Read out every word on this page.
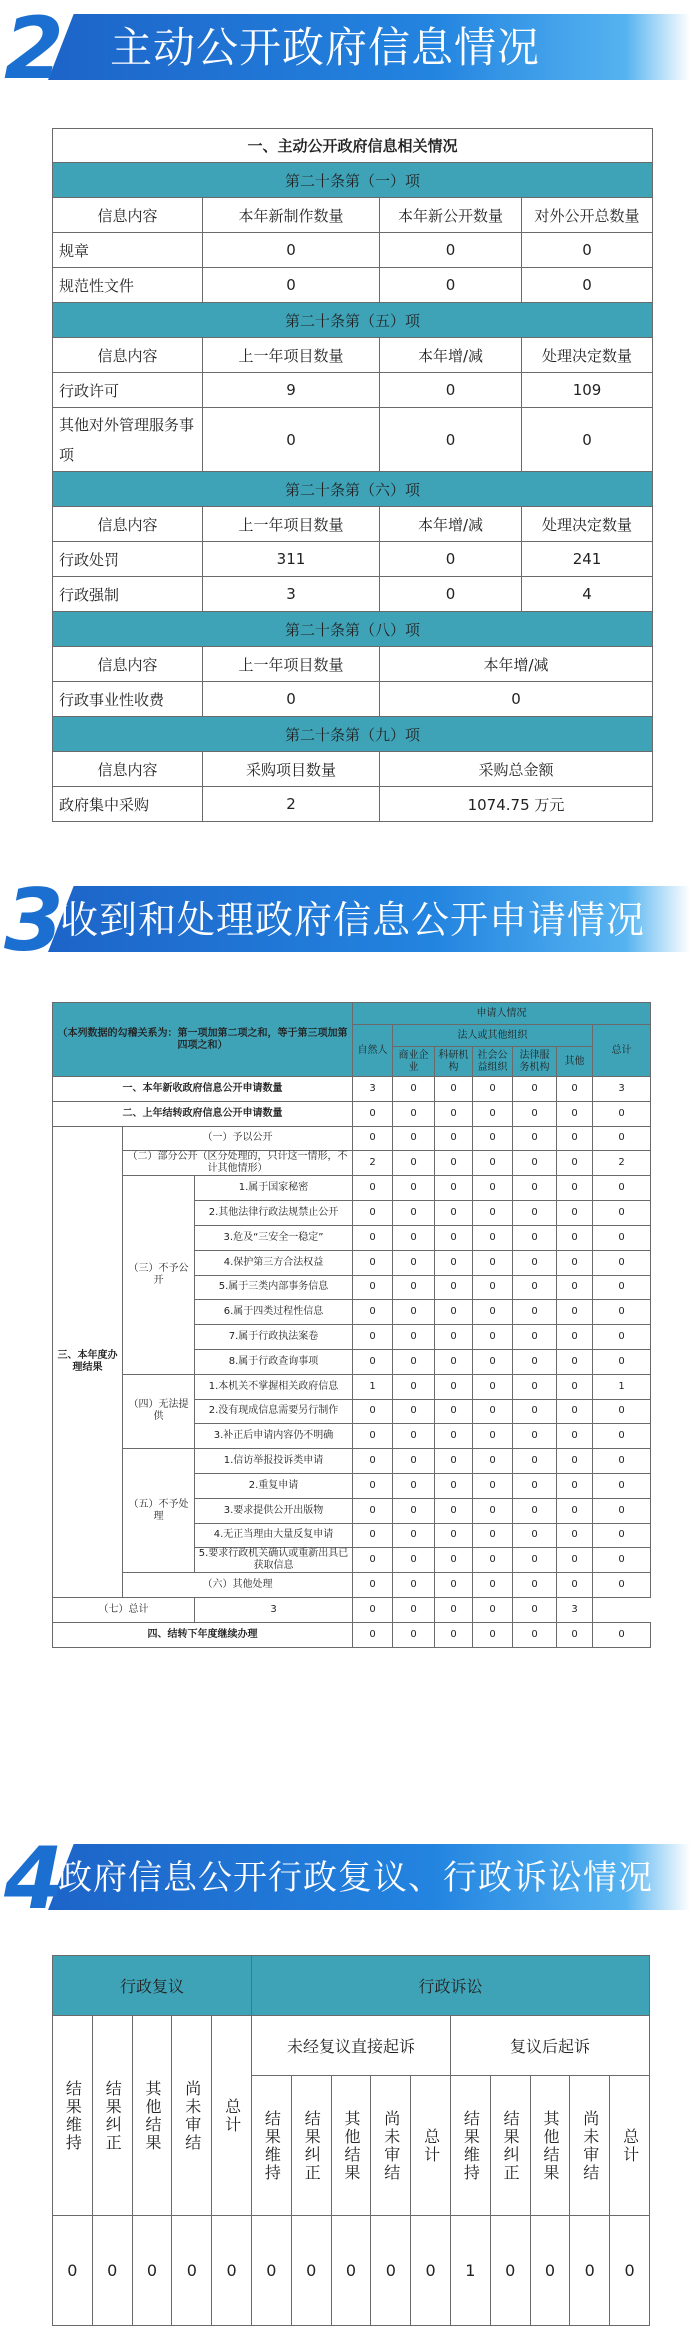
2 主动公开政府信息情况
一、主动公开政府信息相关情况			
第二十条第（一）项			
信息内容	本年新制作数量	本年新公开数量	对外公开总数量
规章	0	0	0
规范性文件	0	0	0
第二十条第（五）项			
信息内容	上一年项目数量	本年增/减	处理决定数量
行政许可	9	0	109
其他对外管理服务事项	0	0	0
第二十条第（六）项			
信息内容	上一年项目数量	本年增/减	处理决定数量
行政处罚	311	0	241
行政强制	3	0	4
第二十条第（八）项			
信息内容	上一年项目数量	本年增/减	
行政事业性收费	0	0	
第二十条第（九）项			
信息内容	采购项目数量	采购总金额	
政府集中采购	2	1074.75 万元	
3
收到和处理政府信息公开申请情况
（本列数据的勾稽关系为：第一项加第二项之和，等于第三项加第四项之和）			申请人情况						
			自然人	法人或其他组织					总计
				商业企业	科研机构	社会公益组织	法律服务机构	其他	
一、本年新收政府信息公开申请数量			3	0	0	0	0	0	3
二、上年结转政府信息公开申请数量			0	0	0	0	0	0	0
三、本年度办理结果	（一）予以公开		0	0	0	0	0	0	0
	（二）部分公开（区分处理的，只计这一情形，不计其他情形）		2	0	0	0	0	0	2
	（三）不予公开	1.属于国家秘密	0	0	0	0	0	0	0
		2.其他法律行政法规禁止公开	0	0	0	0	0	0	0
		3.危及“三安全一稳定”	0	0	0	0	0	0	0
		4.保护第三方合法权益	0	0	0	0	0	0	0
		5.属于三类内部事务信息	0	0	0	0	0	0	0
		6.属于四类过程性信息	0	0	0	0	0	0	0
		7.属于行政执法案卷	0	0	0	0	0	0	0
		8.属于行政查询事项	0	0	0	0	0	0	0
	（四）无法提供	1.本机关不掌握相关政府信息	1	0	0	0	0	0	1
		2.没有现成信息需要另行制作	0	0	0	0	0	0	0
		3.补正后申请内容仍不明确	0	0	0	0	0	0	0
	（五）不予处理	1.信访举报投诉类申请	0	0	0	0	0	0	0
		2.重复申请	0	0	0	0	0	0	0
		3.要求提供公开出版物	0	0	0	0	0	0	0
		4.无正当理由大量反复申请	0	0	0	0	0	0	0
		5.要求行政机关确认或重新出具已获取信息	0	0	0	0	0	0	0
	（六）其他处理		0	0	0	0	0	0	0
（七）总计		3	0	0	0	0	0	3	
四、结转下年度继续办理			0	0	0	0	0	0	0
4
政府信息公开行政复议、行政诉讼情况
行政复议					行政诉讼									

结果维持	结果纠正	其他结果	尚未审结	总计	未经复议直接起诉					复议后起诉				

					结果维持	结果纠正	其他结果	尚未审结	总计	结果维持	结果纠正	其他结果	尚未审结	总计

0	0	0	0	0	0	0	0	0	0	1	0	0	0	0
